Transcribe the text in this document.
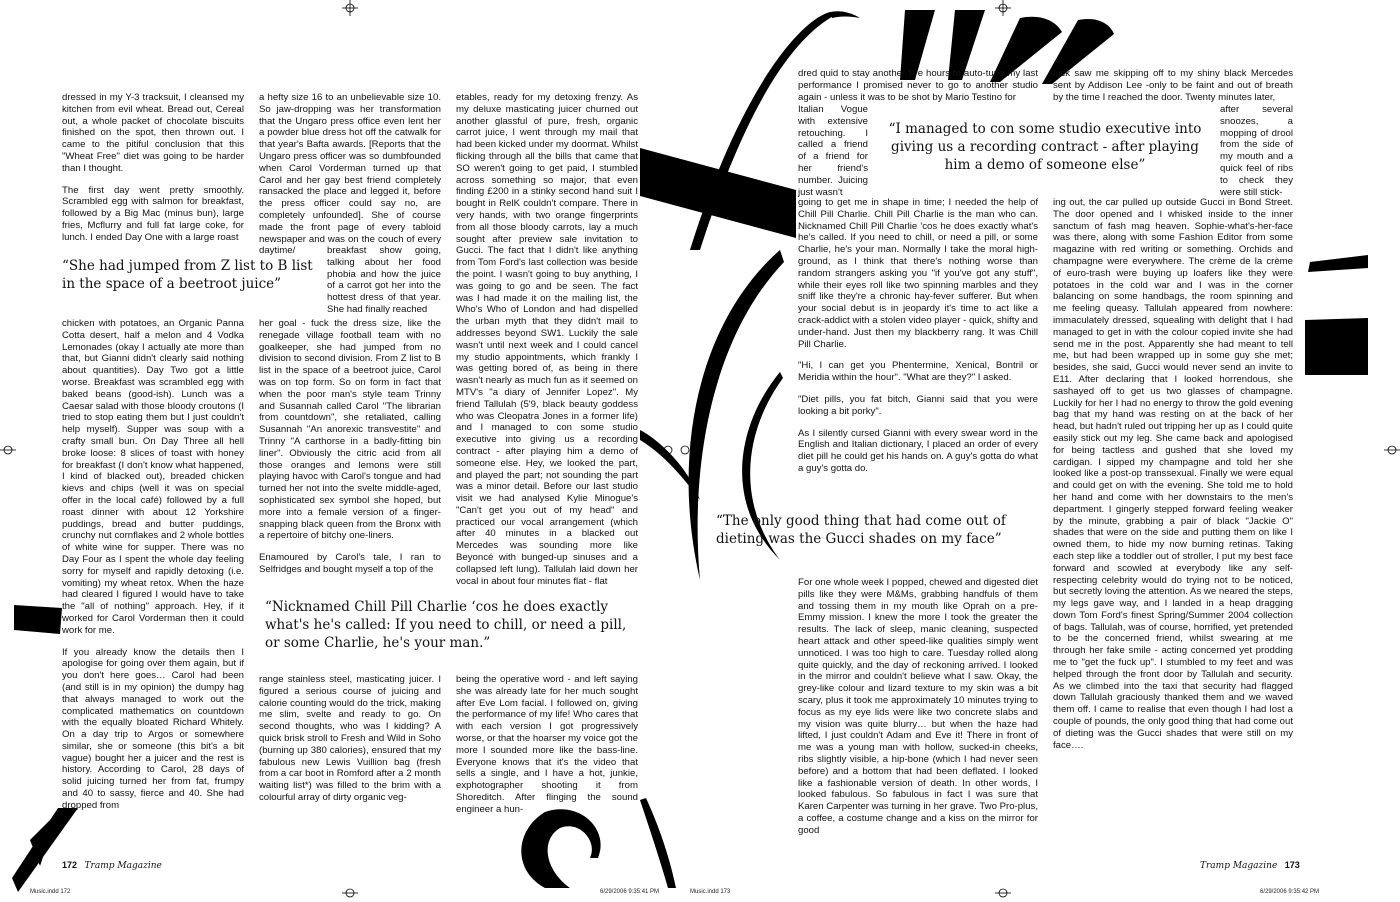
dressed in my Y-3 tracksuit, I cleansed my kitchen from evil wheat. Bread out, Cereal out, a whole packet of chocolate biscuits finished on the spot, then thrown out. I came to the pitiful conclusion that this "Wheat Free" diet was going to be harder than I thought.

The first day went pretty smoothly. Scrambled egg with salmon for breakfast, followed by a Big Mac (minus bun), large fries, Mcflurry and full fat large coke, for lunch. I ended Day One with a large roast

“She had jumped from Z list to B list in the space of a beetroot juice”

chicken with potatoes, an Organic Panna Cotta desert, half a melon and 4 Vodka Lemonades (okay I actually ate more than that, but Gianni didn't clearly said nothing about quantities). Day Two got a little worse. Breakfast was scrambled egg with baked beans (good-ish). Lunch was a Caesar salad with those bloody croutons (I tried to stop eating them but I just couldn't help myself). Supper was soup with a crafty small bun. On Day Three all hell broke loose: 8 slices of toast with honey for breakfast (I don't know what happened, I kind of blacked out), breaded chicken kievs and chips (well it was on special offer in the local café) followed by a full roast dinner with about 12 Yorkshire puddings, bread and butter puddings, crunchy nut cornflakes and 2 whole bottles of white wine for supper. There was no Day Four as I spent the whole day feeling sorry for myself and rapidly detoxing (i.e. vomiting) my wheat retox. When the haze had cleared I figured I would have to take the "all of nothing" approach. Hey, if it worked for Carol Vorderman then it could work for me.

If you already know the details then I apologise for going over them again, but if you don't here goes… Carol had been (and still is in my opinion) the dumpy hag that always managed to work out the complicated mathematics on countdown with the equally bloated Richard Whitely. On a day trip to Argos or somewhere similar, she or someone (this bit's a bit vague) bought her a juicer and the rest is history. According to Carol, 28 days of solid juicing turned her from fat, frumpy and 40 to sassy, fierce and 40. She had dropped from

a hefty size 16 to an unbelievable size 10. So jaw-dropping was her transformation that the Ungaro press office even lent her a powder blue dress hot off the catwalk for that year's Bafta awards. [Reports that the Ungaro press officer was so dumbfounded when Carol Vorderman turned up that Carol and her gay best friend completely ransacked the place and legged it, before the press officer could say no, are completely unfounded]. She of course made the front page of every tabloid newspaper and was on the couch of every daytime/	breakfast show going, talking about her food phobia and how the juice of a carrot got her into the hottest dress of that year. She had finally reached

her goal - fuck the dress size, like the renegade village football team with no goalkeeper, she had jumped from no division to second division. From Z list to B list in the space of a beetroot juice, Carol was on top form. So on form in fact that when the poor man's style team Trinny and Susannah called Carol "The librarian from countdown", she retaliated, calling Susannah "An anorexic transvestite" and Trinny "A carthorse in a badly-fitting bin liner". Obviously the citric acid from all those oranges and lemons were still playing havoc with Carol's tongue and had turned her not into the svelte middle-aged, sophisticated sex symbol she hoped, but more into a female version of a finger-snapping black queen from the Bronx with a repertoire of bitchy one-liners.

Enamoured by Carol's tale, I ran to Selfridges and bought myself a top of the

“Nicknamed Chill Pill Charlie ‘cos he does exactly what's he's called: If you need to chill, or need a pill, or some Charlie, he's your man.”

range stainless steel, masticating juicer. I figured a serious course of juicing and calorie counting would do the trick, making me slim, svelte and ready to go. On second thoughts, who was I kidding? A quick brisk stroll to Fresh and Wild in Soho (burning up 380 calories), ensured that my fabulous new Lewis Vuillion bag (fresh from a car boot in Romford after a 2 month waiting list*) was filled to the brim with a colourful array of dirty organic veg-

etables, ready for my detoxing frenzy. As my deluxe masticating juicer churned out another glassful of pure, fresh, organic carrot juice, I went through my mail that had been kicked under my doormat. Whilst flicking through all the bills that came that SO weren't going to get paid, I stumbled across something so major, that even finding £200 in a stinky second hand suit I bought in RelK couldn't compare. There in very hands, with two orange fingerprints from all those bloody carrots, lay a much sought after preview sale invitation to Gucci. The fact that I didn't like anything from Tom Ford's last collection was beside the point. I wasn't going to buy anything, I was going to go and be seen. The fact was I had made it on the mailing list, the Who's Who of London and had dispelled the urban myth that they didn't mail to addresses beyond SW1. Luckily the sale wasn't until next week and I could cancel my studio appointments, which frankly I was getting bored of, as being in there wasn't nearly as much fun as it seemed on MTV's "a diary of Jennifer Lopez". My friend Tallulah (5'9, black beauty goddess who was Cleopatra Jones in a former life) and I managed to con some studio executive into giving us a recording contract - after playing him a demo of someone else. Hey, we looked the part, and played the part; not sounding the part was a minor detail. Before our last studio visit we had analysed Kylie Minogue's "Can't get you out of my head" and practiced our vocal arrangement (which after 40 minutes in a blacked out Mercedes was sounding more like Beyoncé with bunged-up sinuses and a collapsed left lung). Tallulah laid down her vocal in about four minutes flat - flat

being the operative word - and left saying she was already late for her much sought after Eve Lom facial. I followed on, giving the performance of my life! Who cares that with each version I got progressively worse, or that the hoarser my voice got the more I sounded more like the bass-line. Everyone knows that it's the video that sells a single, and I have a hot, junkie, exphotographer shooting it from Shoreditch. After flinging the sound engineer a hun-

172 Tramp Magazine
Music.indd 172	6/29/2006 9:35:41 PM

dred quid to stay another five hours to auto-tune my last performance I promised never to go to another studio again - unless it was to be shot by Mario Testino for

Italian Vogue with extensive retouching. I called a friend of a friend for her friend's number. Juicing just wasn't

“I managed to con some studio executive into giving us a recording contract - after playing him a demo of someone else”

going to get me in shape in time; I needed the help of Chill Pill Charlie. Chill Pill Charlie is the man who can. Nicknamed Chill Pill Charlie 'cos he does exactly what's he's called. If you need to chill, or need a pill, or some Charlie, he's your man. Normally I take the moral high-ground, as I think that there's nothing worse than random strangers asking you "if you've got any stuff", while their eyes roll like two spinning marbles and they sniff like they're a chronic hay-fever sufferer. But when your social debut is in jeopardy it's time to act like a crack-addict with a stolen video player - quick, shifty and under-hand. Just then my blackberry rang. It was Chill Pill Charlie.

"Hi, I can get you Phentermine, Xenical, Bontril or Meridia within the hour". "What are they?" I asked.

"Diet pills, you fat bitch, Gianni said that you were looking a bit porky".

As I silently cursed Gianni with every swear word in the English and Italian dictionary, I placed an order of every diet pill he could get his hands on. A guy's gotta do what a guy's gotta do.

“The only good thing that had come out of dieting was the Gucci shades on my face”

For one whole week I popped, chewed and digested diet pills like they were M&Ms, grabbing handfuls of them and tossing them in my mouth like Oprah on a pre-Emmy mission. I knew the more I took the greater the results. The lack of sleep, manic cleaning, suspected heart attack and other speed-like qualities simply went unnoticed. I was too high to care. Tuesday rolled along quite quickly, and the day of reckoning arrived. I looked in the mirror and couldn't believe what I saw. Okay, the grey-like colour and lizard texture to my skin was a bit scary, plus it took me approximately 10 minutes trying to focus as my eye lids were like two concrete slabs and my vision was quite blurry… but when the haze had lifted, I just couldn't Adam and Eve it! There in front of me was a young man with hollow, sucked-in cheeks, ribs slightly visible, a hip-bone (which I had never seen before) and a bottom that had been deflated. I looked like a fashionable version of death. In other words, I looked fabulous. So fabulous in fact I was sure that Karen Carpenter was turning in her grave. Two Pro-plus, a coffee, a costume change and a kiss on the mirror for good

luck saw me skipping off to my shiny black Mercedes sent by Addison Lee -only to be faint and out of breath by the time I reached the door. Twenty minutes later,

after several snoozes, a mopping of drool from the side of my mouth and a quick feel of ribs to check they were still stick-

ing out, the car pulled up outside Gucci in Bond Street. The door opened and I whisked inside to the inner sanctum of fash mag heaven. Sophie-what's-her-face was there, along with some Fashion Editor from some magazine with red writing or something. Orchids and champagne were everywhere. The crème de la crème of euro-trash were buying up loafers like they were potatoes in the cold war and I was in the corner balancing on some handbags, the room spinning and me feeling queasy. Tallulah appeared from nowhere: immaculately dressed, squealing with delight that I had managed to get in with the colour copied invite she had send me in the post. Apparently she had meant to tell me, but had been wrapped up in some guy she met; besides, she said, Gucci would never send an invite to E11. After declaring that I looked horrendous, she sashayed off to get us two glasses of champagne. Luckily for her I had no energy to throw the gold evening bag that my hand was resting on at the back of her head, but hadn't ruled out tripping her up as I could quite easily stick out my leg. She came back and apologised for being tactless and gushed that she loved my cardigan. I sipped my champagne and told her she looked like a post-op transsexual. Finally we were equal and could get on with the evening. She told me to hold her hand and come with her downstairs to the men's department. I gingerly stepped forward feeling weaker by the minute, grabbing a pair of black "Jackie O" shades that were on the side and putting them on like I owned them, to hide my now burning retinas. Taking each step like a toddler out of stroller, I put my best face forward and scowled at everybody like any self-respecting celebrity would do trying not to be noticed, but secretly loving the attention. As we neared the steps, my legs gave way, and I landed in a heap dragging down Tom Ford's finest Spring/Summer 2004 collection of bags. Tallulah, was of course, horrified, yet pretended to be the concerned friend, whilst swearing at me through her fake smile - acting concerned yet prodding me to "get the fuck up". I stumbled to my feet and was helped through the front door by Tallulah and security. As we climbed into the taxi that security had flagged down Tallulah graciously thanked them and we waved them off. I came to realise that even though I had lost a couple of pounds, the only good thing that had come out of dieting was the Gucci shades that were still on my face….

Tramp Magazine 173
Music.indd 173	6/29/2006 9:35:42 PM
